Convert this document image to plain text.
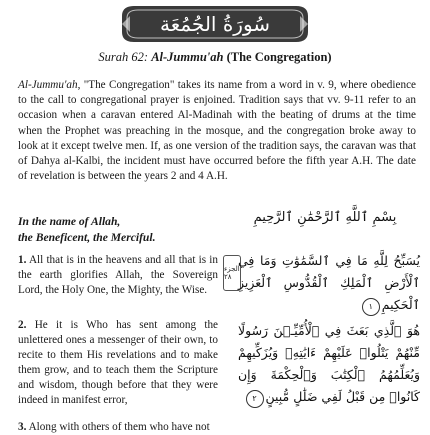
سُورَةُ الجُمُعَة
Surah 62: Al-Jummu'ah (The Congregation)
Al-Jummu'ah, "The Congregation" takes its name from a word in v. 9, where obedience to the call to congregational prayer is enjoined. Tradition says that vv. 9-11 refer to an occasion when a caravan entered Al-Madinah with the beating of drums at the time when the Prophet was preaching in the mosque, and the congregation broke away to look at it except twelve men. If, as one version of the tradition says, the caravan was that of Dahya al-Kalbi, the incident must have occurred before the fifth year A.H. The date of revelation is between the years 2 and 4 A.H.
In the name of Allah,
the Beneficent, the Merciful.
بِسْمِ ٱللَّهِ ٱلرَّحْمَٰنِ ٱلرَّحِيمِ
1. All that is in the heavens and all that is in the earth glorifies Allah, the Sovereign Lord, the Holy One, the Mighty, the Wise.
2. He it is Who has sent among the unlettered ones a messenger of their own, to recite to them His revelations and to make them grow, and to teach them the Scripture and wisdom, though before that they were indeed in manifest error,
3. Along with others of them who have not
الجزء ٢٨
يُسَبِّحُ لِلَّهِ مَا فِي ٱلسَّمَٰوَٰتِ وَمَا فِي ٱلْأَرْضِ ٱلْمَلِكِ ٱلْقُدُّوسِ ٱلْعَزِيزِ ٱلْحَكِيمِ١
هُوَ ٱلَّذِي بَعَثَ فِي ٱلْأُمِّيِّـۧنَ رَسُولًا مِّنْهُمْ يَتْلُوا۟ عَلَيْهِمْ ءَايَٰتِهِۦ وَيُزَكِّيهِمْ وَيُعَلِّمُهُمُ ٱلْكِتَٰبَ وَٱلْحِكْمَةَ وَإِن كَانُوا۟ مِن قَبْلُ لَفِي ضَلَٰلٍ مُّبِينٍ٢
